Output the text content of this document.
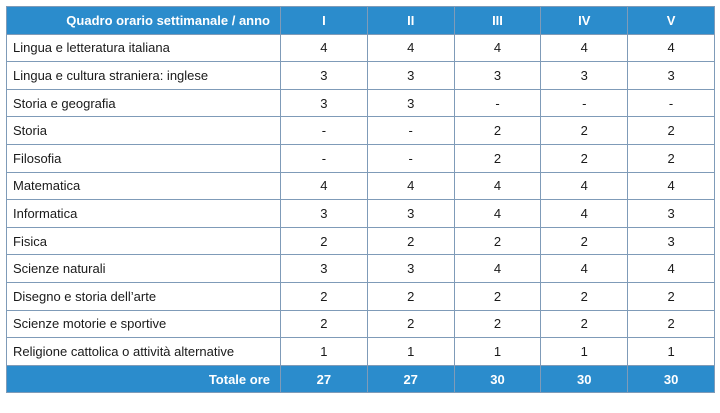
Quadro orario settimanale / anno	I	II	III	IV	V
Lingua e letteratura italiana	4	4	4	4	4
Lingua e cultura straniera: inglese	3	3	3	3	3
Storia e geografia	3	3	-	-	-
Storia	-	-	2	2	2
Filosofia	-	-	2	2	2
Matematica	4	4	4	4	4
Informatica	3	3	4	4	3
Fisica	2	2	2	2	3
Scienze naturali	3	3	4	4	4
Disegno e storia dell’arte	2	2	2	2	2
Scienze motorie e sportive	2	2	2	2	2
Religione cattolica o attività alternative	1	1	1	1	1
Totale ore	27	27	30	30	30
